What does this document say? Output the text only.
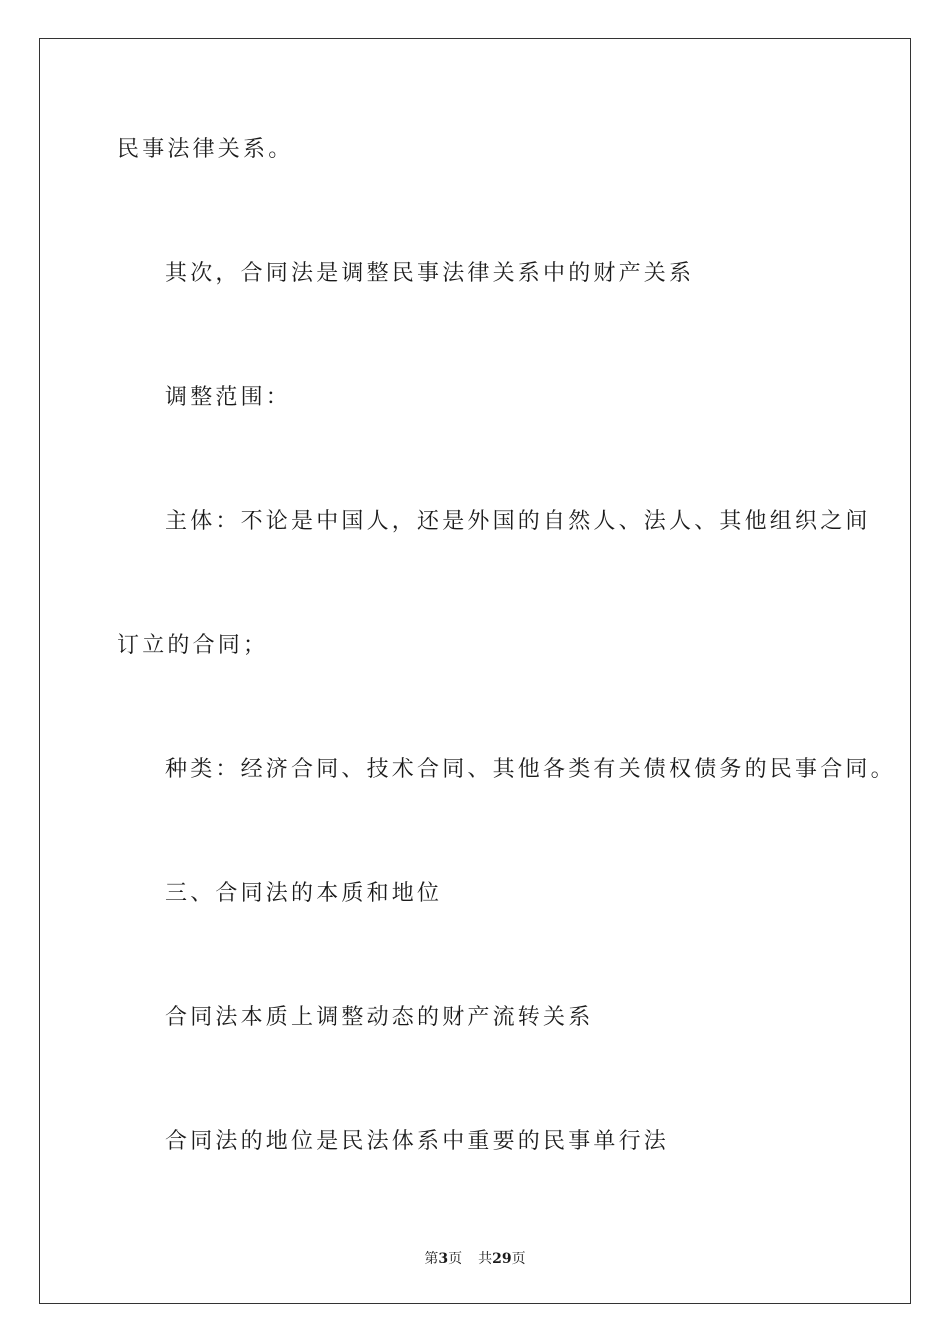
民事法律关系。
其次，合同法是调整民事法律关系中的财产关系
调整范围：
主体：不论是中国人，还是外国的自然人、法人、其他组织之间
订立的合同；
种类：经济合同、技术合同、其他各类有关债权债务的民事合同。
三、合同法的本质和地位
合同法本质上调整动态的财产流转关系
合同法的地位是民法体系中重要的民事单行法
第3页 共29页
